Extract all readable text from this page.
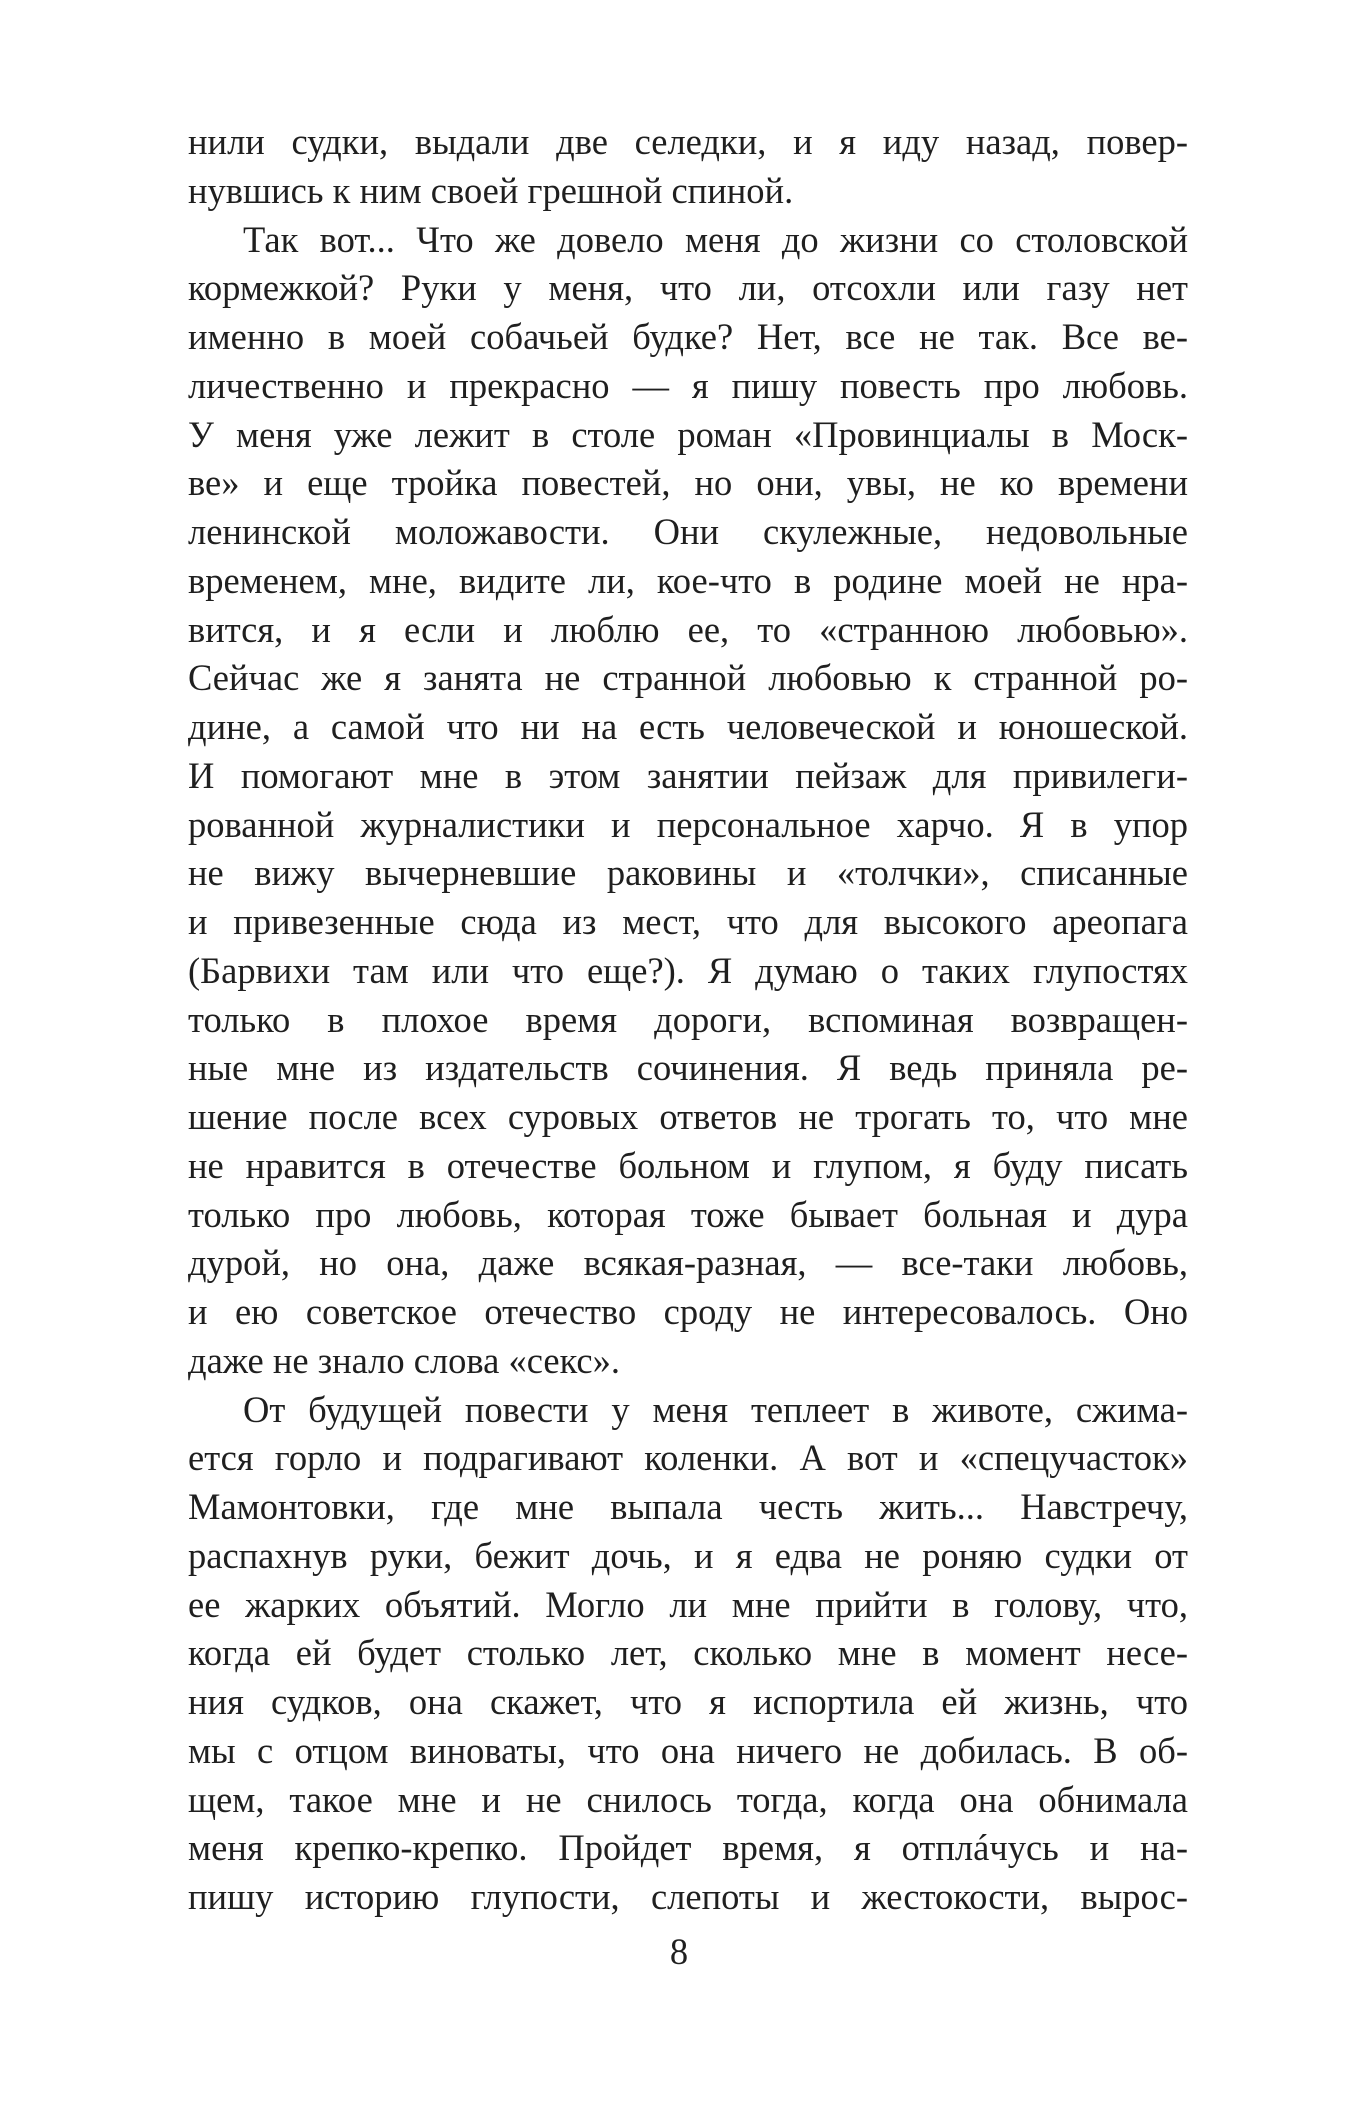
нили судки, выдали две селедки, и я иду назад, повер-
нувшись к ним своей грешной спиной.
Так вот... Что же довело меня до жизни со столовской
кормежкой? Руки у меня, что ли, отсохли или газу нет
именно в моей собачьей будке? Нет, все не так. Все ве-
личественно и прекрасно — я пишу повесть про любовь.
У меня уже лежит в столе роман «Провинциалы в Моск-
ве» и еще тройка повестей, но они, увы, не ко времени
ленинской моложавости. Они скулежные, недовольные
временем, мне, видите ли, кое-что в родине моей не нра-
вится, и я если и люблю ее, то «странною любовью».
Сейчас же я занята не странной любовью к странной ро-
дине, а самой что ни на есть человеческой и юношеской.
И помогают мне в этом занятии пейзаж для привилеги-
рованной журналистики и персональное харчо. Я в упор
не вижу вычерневшие раковины и «толчки», списанные
и привезенные сюда из мест, что для высокого ареопага
(Барвихи там или что еще?). Я думаю о таких глупостях
только в плохое время дороги, вспоминая возвращен-
ные мне из издательств сочинения. Я ведь приняла ре-
шение после всех суровых ответов не трогать то, что мне
не нравится в отечестве больном и глупом, я буду писать
только про любовь, которая тоже бывает больная и дура
дурой, но она, даже всякая-разная, — все-таки любовь,
и ею советское отечество сроду не интересовалось. Оно
даже не знало слова «секс».
От будущей повести у меня теплеет в животе, сжима-
ется горло и подрагивают коленки. А вот и «спецучасток»
Мамонтовки, где мне выпала честь жить... Навстречу,
распахнув руки, бежит дочь, и я едва не роняю судки от
ее жарких объятий. Могло ли мне прийти в голову, что,
когда ей будет столько лет, сколько мне в момент несе-
ния судков, она скажет, что я испортила ей жизнь, что
мы с отцом виноваты, что она ничего не добилась. В об-
щем, такое мне и не снилось тогда, когда она обнимала
меня крепко-крепко. Пройдет время, я отплáчусь и на-
пишу историю глупости, слепоты и жестокости, вырос-
8
